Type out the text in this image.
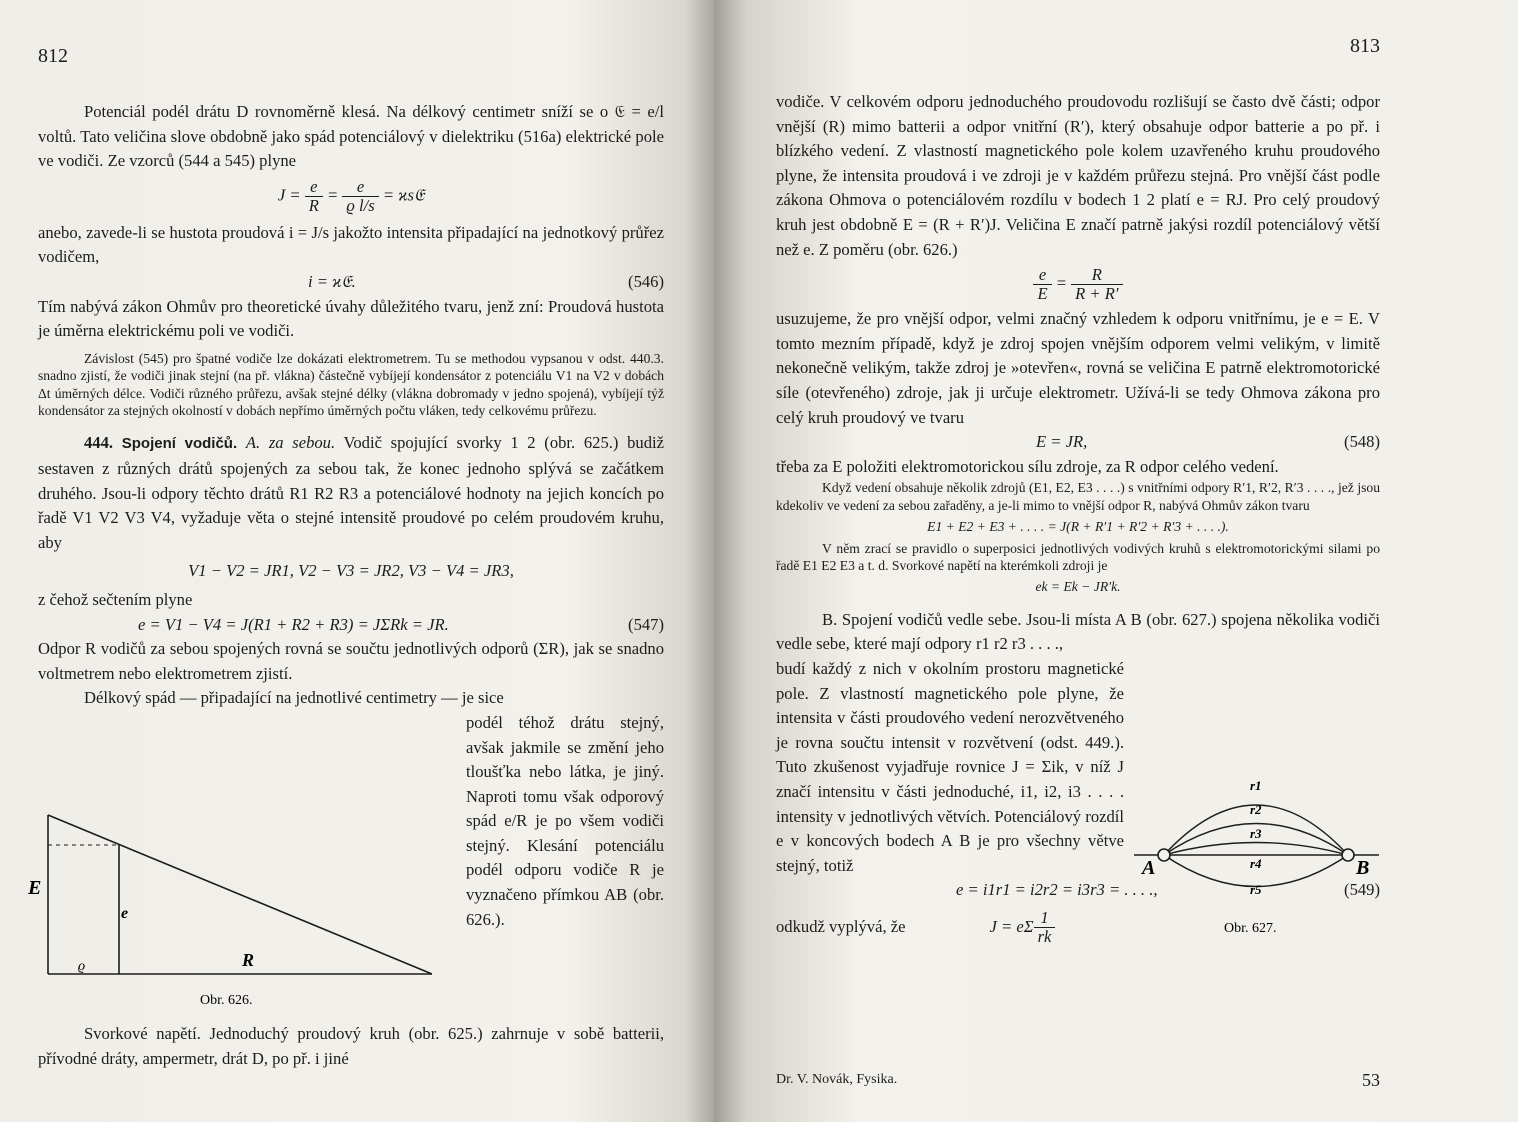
812

Potenciál podél drátu D rovnoměrně klesá. Na délkový centimetr sníží se o 𝔈 = e/l voltů. Tato veličina slove obdobně jako spád potenciálový v dielektriku (516a) elektrické pole ve vodiči. Ze vzorců (544 a 545) plyne

$J = \frac{e}{R} = \frac{e}{\text{ϱ l/s}}$ = ϰs𝔈

anebo, zavede-li se hustota proudová i = J/s jakožto intensita připadající na jednotkový průřez vodičem,

i = ϰ𝔈.	(546)

Tím nabývá zákon Ohmův pro theoretické úvahy důležitého tvaru, jenž zní: Proudová hustota je úměrna elektrickému poli ve vodiči.

Závislost (545) pro špatné vodiče lze dokázati elektrometrem. Tu se methodou vypsanou v odst. 440.3. snadno zjistí, že vodiči jinak stejní (na př. vlákna) částečně vybíjejí kondensátor z potenciálu V1 na V2 v dobách Δt úměrných délce. Vodiči různého průřezu, avšak stejné délky (vlákna dobromady v jedno spojená), vybíjejí týž kondensátor za stejných okolností v dobách nepřímo úměrných počtu vláken, tedy celkovému průřezu.

444. Spojení vodičů. A. za sebou. Vodič spojující svorky 1 2 (obr. 625.) budiž sestaven z různých drátů spojených za sebou tak, že konec jednoho splývá se začátkem druhého. Jsou-li odpory těchto drátů R1 R2 R3 a potenciálové hodnoty na jejich koncích po řadě V1 V2 V3 V4, vyžaduje věta o stejné intensitě proudové po celém proudovém kruhu, aby

V1 − V2 = JR1, V2 − V3 = JR2, V3 − V4 = JR3,

z čehož sečtením plyne

e = V1 − V4 = J(R1 + R2 + R3) = JΣRk = JR.	(547)

Odpor R vodičů za sebou spojených rovná se součtu jednotlivých odporů (ΣR), jak se snadno voltmetrem nebo elektrometrem zjistí.

Délkový spád — připadající na jednotlivé centimetry — je sice

podél téhož drátu stejný, avšak jakmile se změní jeho tloušťka nebo látka, je jiný. Naproti tomu však odporový spád e/R je po všem vodiči stejný. Klesání potenciálu podél odporu vodiče R je vyznačeno přímkou AB (obr. 626.).

E
e
ϱ	R
Obr. 626.

Svorkové napětí. Jednoduchý proudový kruh (obr. 625.) zahrnuje v sobě batterii, přívodné dráty, ampermetr, drát D, po př. i jiné

813

vodiče. V celkovém odporu jednoduchého proudovodu rozlišují se často dvě části; odpor vnější (R) mimo batterii a odpor vnitřní (R′), který obsahuje odpor batterie a po př. i blízkého vedení. Z vlastností magnetického pole kolem uzavřeného kruhu proudového plyne, že intensita proudová i ve zdroji je v každém průřezu stejná. Pro vnější část podle zákona Ohmova o potenciálovém rozdílu v bodech 1 2 platí e = RJ. Pro celý proudový kruh jest obdobně E = (R + R′)J. Veličina E značí patrně jakýsi rozdíl potenciálový větší než e. Z poměru (obr. 626.)

$\frac{e}{E} = \frac{R}{R + R'}$

usuzujeme, že pro vnější odpor, velmi značný vzhledem k odporu vnitřnímu, je e = E. V tomto mezním případě, když je zdroj spojen vnějším odporem velmi velikým, v limitě nekonečně velikým, takže zdroj je »otevřen«, rovná se veličina E patrně elektromotorické síle (otevřeného) zdroje, jak ji určuje elektrometr. Užívá-li se tedy Ohmova zákona pro celý kruh proudový ve tvaru

E = JR,	(548)

třeba za E položiti elektromotorickou sílu zdroje, za R odpor celého vedení.

Když vedení obsahuje několik zdrojů (E1, E2, E3 . . . .) s vnitřními odpory R′1, R′2, R′3 . . . ., jež jsou kdekoliv ve vedení za sebou zařaděny, a je-li mimo to vnější odpor R, nabývá Ohmův zákon tvaru

E1 + E2 + E3 + . . . . = J(R + R′1 + R′2 + R′3 + . . . .).

V něm zrací se pravidlo o superposici jednotlivých vodivých kruhů s elektromotorickými silami po řadě E1 E2 E3 a t. d. Svorkové napětí na kterémkoli zdroji je

ek = Ek − JR′k.

B. Spojení vodičů vedle sebe. Jsou-li místa A B (obr. 627.) spojena několika vodiči vedle sebe, které mají odpory r1 r2 r3 . . . .,

budí každý z nich v okolním prostoru magnetické pole. Z vlastností magnetického pole plyne, že intensita v části proudového vedení nerozvětveného je rovna součtu intensit v rozvětvení (odst. 449.). Tuto zkušenost vyjadřuje rovnice J = Σik, v níž J značí intensitu v části jednoduché, i1, i2, i3 . . . . intensity v jednotlivých větvích. Potenciálový rozdíl e v koncových bodech A B je pro všechny větve stejný, totiž

r1
r2
r3
r4
r5
A	B
Obr. 627.
e = i1r1 = i2r2 = i3r3 = . . . .,	(549)
odkudž vyplývá, že	J = eΣ $\frac{1}{rk}$
Dr. V. Novák, Fysika.	53
